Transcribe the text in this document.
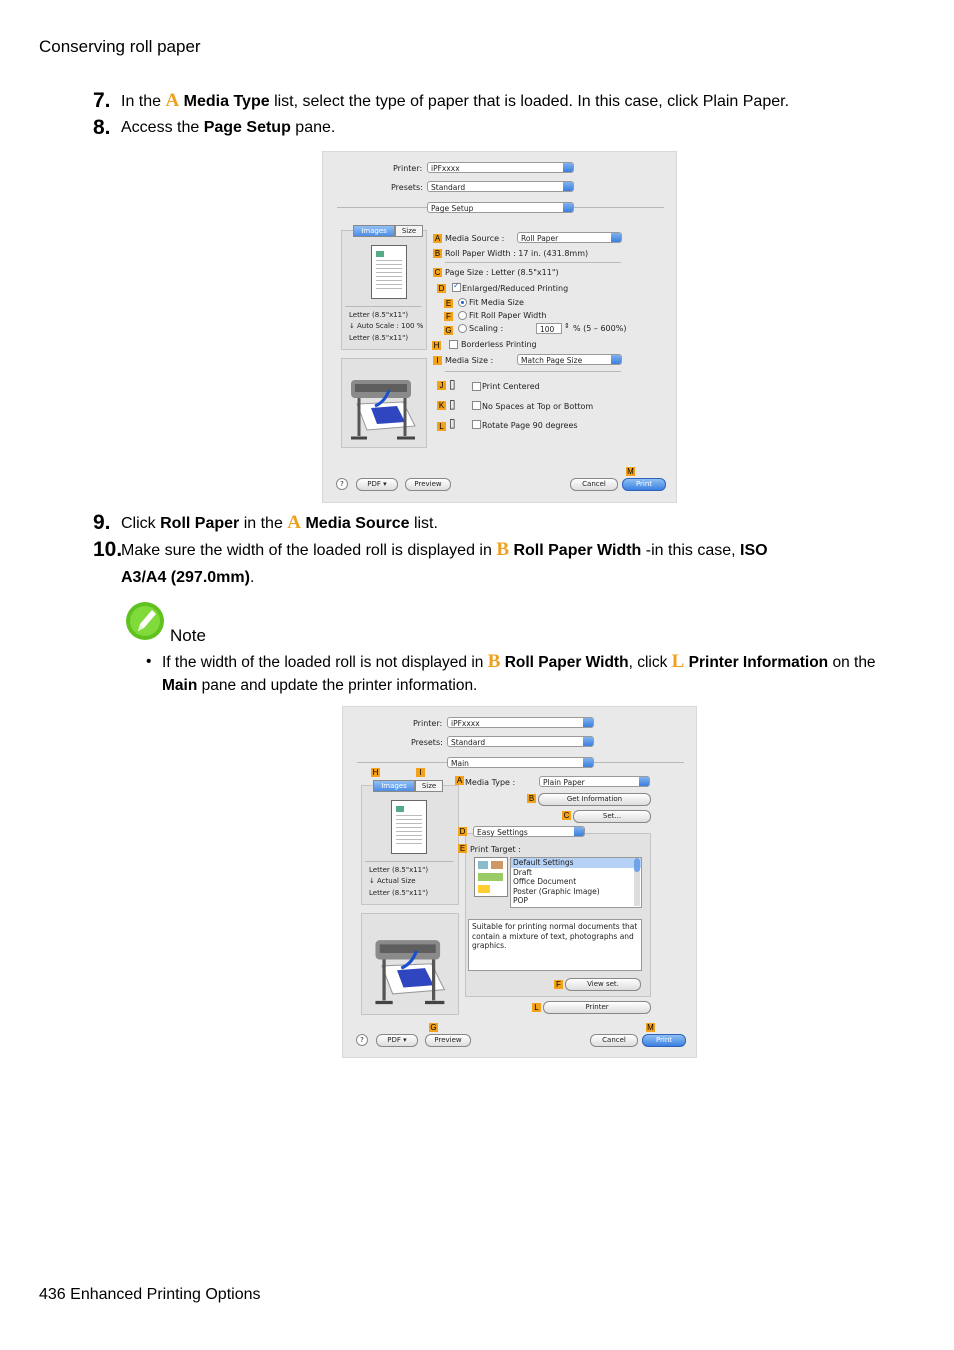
Conserving roll paper
7. In the A Media Type list, select the type of paper that is loaded. In this case, click Plain Paper.
8. Access the Page Setup pane.
Printer:	iPFxxxx
Presets:	Standard
Page Setup
Images	Size
Letter (8.5"x11")
↓ Auto Scale : 100 %
Letter (8.5"x11")
A Media Source :	Roll Paper
B Roll Paper Width : 17 in. (431.8mm)
C Page Size : Letter (8.5"x11")
D ✓ Enlarged/Reduced Printing
E Fit Media Size
F Fit Roll Paper Width
G Scaling :	100	⇕ % (5 – 600%)
H	Borderless Printing
I Media Size :	Match Page Size
J ▯	Print Centered
K ▯	No Spaces at Top or Bottom
L ▯	Rotate Page 90 degrees
M
?	PDF ▾	Preview	Cancel	Print
9. Click Roll Paper in the A Media Source list.
10.
Make sure the width of the loaded roll is displayed in B Roll Paper Width -in this case, ISO
A3/A4 (297.0mm).
Note
• If the width of the loaded roll is not displayed in B Roll Paper Width, click L Printer Information on the Main pane and update the printer information.
Printer:	iPFxxxx
Presets:	Standard
Main
H	I
Images	Size
Letter (8.5"x11")
↓ Actual Size
Letter (8.5"x11")
A Media Type :	Plain Paper
B	Get Information
C	Set...
D	Easy Settings
E Print Target :
Default Settings
Draft
Office Document
Poster (Graphic Image)
POP
Suitable for printing normal documents that contain a mixture of text, photographs and graphics.
F	View set.
L	Printer
G	M
?	PDF ▾	Preview	Cancel	Print
436 Enhanced Printing Options
